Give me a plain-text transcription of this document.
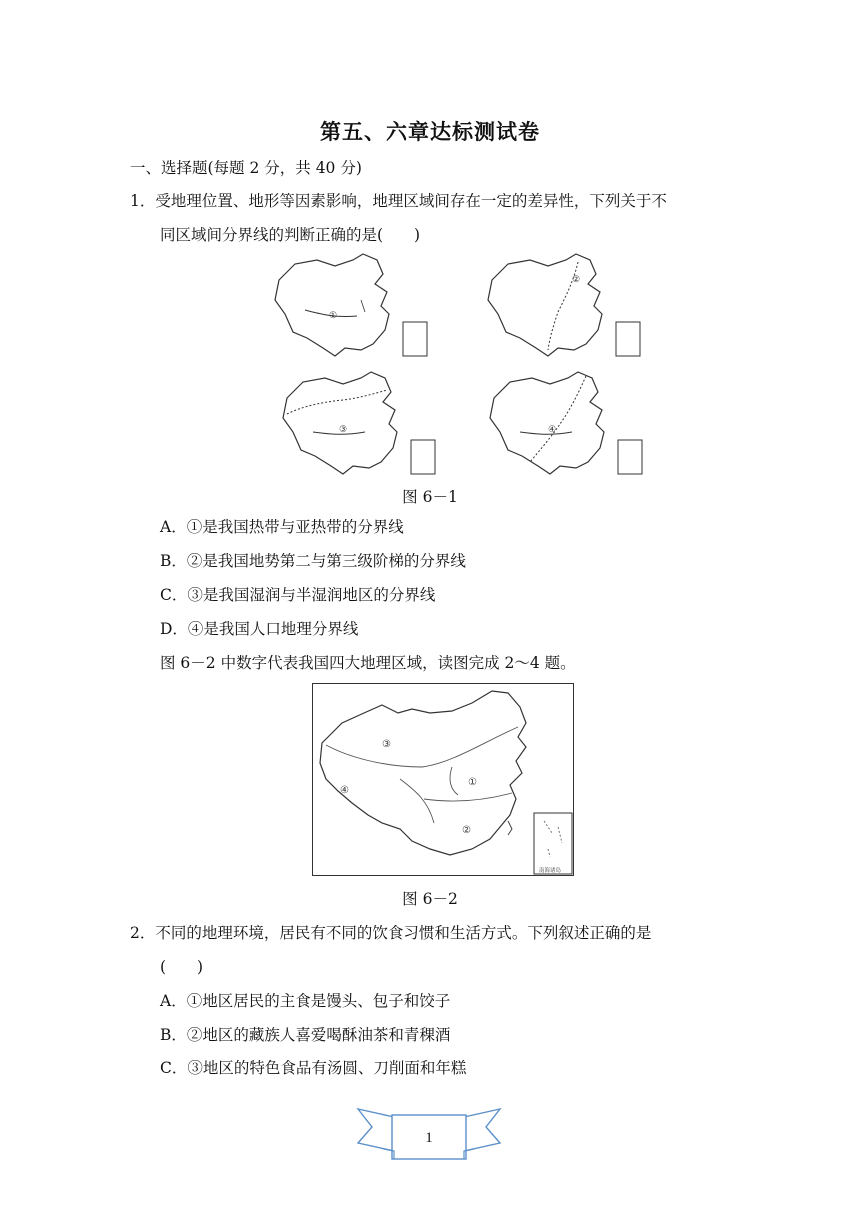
第五、六章达标测试卷
一、选择题(每题 2 分，共 40 分)
1．受地理位置、地形等因素影响，地理区域间存在一定的差异性，下列关于不
同区域间分界线的判断正确的是(　　)
①
②
③	④
图 6－1
A．①是我国热带与亚热带的分界线
B．②是我国地势第二与第三级阶梯的分界线
C．③是我国湿润与半湿润地区的分界线
D．④是我国人口地理分界线
图 6－2 中数字代表我国四大地理区域，读图完成 2～4 题。
③
④
①
②
南海诸岛
图 6－2
2．不同的地理环境，居民有不同的饮食习惯和生活方式。下列叙述正确的是
(　　)
A．①地区居民的主食是馒头、包子和饺子
B．②地区的藏族人喜爱喝酥油茶和青稞酒
C．③地区的特色食品有汤圆、刀削面和年糕
1
